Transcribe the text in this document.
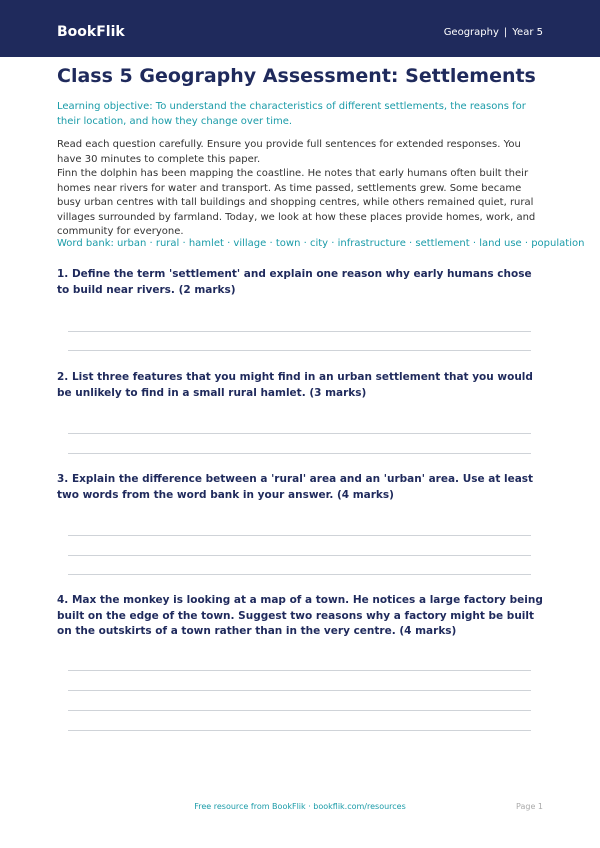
BookFlik	Geography | Year 5
Class 5 Geography Assessment: Settlements
Learning objective: To understand the characteristics of different settlements, the reasons for their location, and how they change over time.
Read each question carefully. Ensure you provide full sentences for extended responses. You have 30 minutes to complete this paper.
Finn the dolphin has been mapping the coastline. He notes that early humans often built their homes near rivers for water and transport. As time passed, settlements grew. Some became busy urban centres with tall buildings and shopping centres, while others remained quiet, rural villages surrounded by farmland. Today, we look at how these places provide homes, work, and community for everyone.
Word bank: urban · rural · hamlet · village · town · city · infrastructure · settlement · land use · population
1. Define the term 'settlement' and explain one reason why early humans chose to build near rivers. (2 marks)
2. List three features that you might find in an urban settlement that you would be unlikely to find in a small rural hamlet. (3 marks)
3. Explain the difference between a 'rural' area and an 'urban' area. Use at least two words from the word bank in your answer. (4 marks)
4. Max the monkey is looking at a map of a town. He notices a large factory being built on the edge of the town. Suggest two reasons why a factory might be built on the outskirts of a town rather than in the very centre. (4 marks)
Free resource from BookFlik · bookflik.com/resources	Page 1
